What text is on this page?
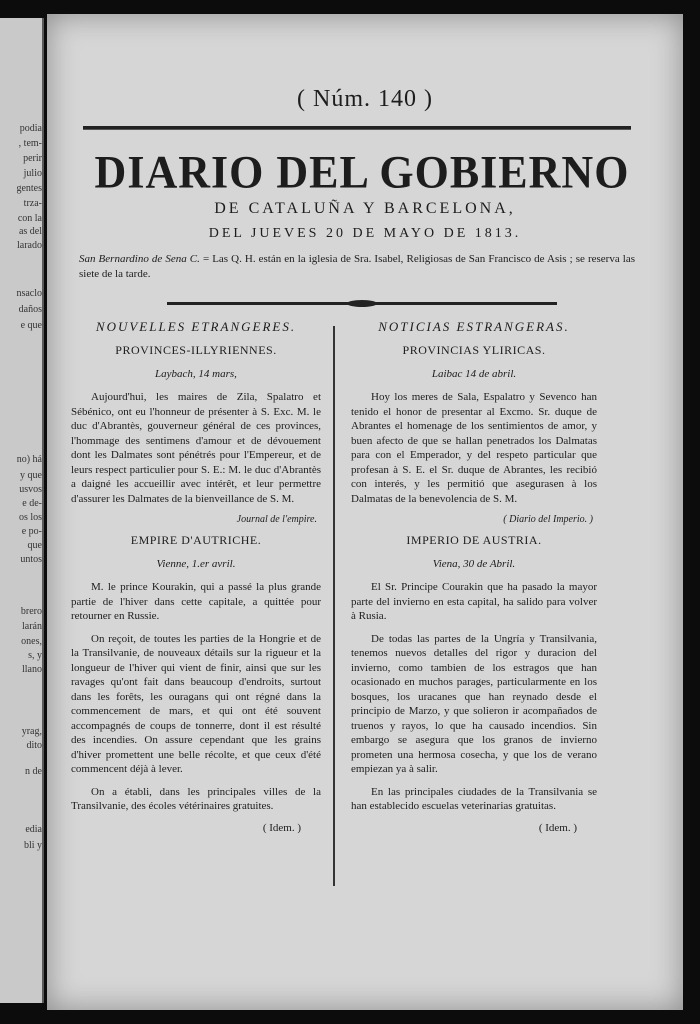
podia
, tem-
perir
julio
gentes
trza-
con la
as del
larado
nsaclo
daños
e que
no) há
y que
usvos
e de-
os los
e po-
que
untos
brero
larán
ones,
s, y
llano
yrag,
dito
n de
edia
bli y
( Núm. 140 )
DIARIO DEL GOBIERNO
DE CATALUÑA Y BARCELONA,
DEL JUEVES 20 DE MAYO DE 1813.
San Bernardino de Sena C. = Las Q. H. están en la iglesia de Sra. Isabel, Religiosas de San Francisco de Asis ; se reserva las siete de la tarde.
NOUVELLES ETRANGERES.
PROVINCES-ILLYRIENNES.
Laybach, 14 mars,

Aujourd'hui, les maires de Zila, Spalatro et Sébénico, ont eu l'honneur de présenter à S. Exc. M. le duc d'Abrantès, gouverneur général de ces provinces, l'hommage des sentimens d'amour et de dévouement dont les Dalmates sont pénétrés pour l'Empereur, et de leurs respect particulier pour S. E.: M. le duc d'Abrantès a daigné les accueillir avec intérêt, et leur permettre d'assurer les Dalmates de la bienveillance de S. M.

Journal de l'empire.
EMPIRE D'AUTRICHE.
Vienne, 1.er avril.

M. le prince Kourakin, qui a passé la plus grande partie de l'hiver dans cette capitale, a quittée pour retourner en Russie.

On reçoit, de toutes les parties de la Hongrie et de la Transilvanie, de nouveaux détails sur la rigueur et la longueur de l'hiver qui vient de finir, ainsi que sur les ravages qu'ont fait dans beaucoup d'endroits, surtout dans les forêts, les ouragans qui ont régné dans la commencement de mars, et qui ont été souvent accompagnés de coups de tonnerre, dont il est résulté des incendies. On assure cependant que les grains d'hiver promettent une belle récolte, et que ceux d'été commencent déjà à lever.

On a établi, dans les principales villes de la Transilvanie, des écoles vétérinaires gratuites.

( Idem. )
NOTICIAS ESTRANGERAS.
PROVINCIAS YLIRICAS.
Laibac 14 de abril.

Hoy los meres de Sala, Espalatro y Sevenco han tenido el honor de presentar al Excmo. Sr. duque de Abrantes el homenage de los sentimientos de amor, y buen afecto de que se hallan penetrados los Dalmatas para con el Emperador, y del respeto particular que profesan à S. E. el Sr. duque de Abrantes, les recibió con interés, y les permitió que asegurasen à los Dalmatas de la benevolencia de S. M.

( Diario del Imperio. )
IMPERIO DE AUSTRIA.
Viena, 30 de Abril.

El Sr. Principe Courakin que ha pasado la mayor parte del invierno en esta capital, ha salido para volver à Rusia.

De todas las partes de la Ungría y Transilvania, tenemos nuevos detalles del rigor y duracion del invierno, como tambien de los estragos que han ocasionado en muchos parages, particularmente en los bosques, los uracanes que han reynado desde el principio de Marzo, y que solieron ir acompañados de truenos y rayos, lo que ha causado incendios. Sin embargo se asegura que los granos de invierno prometen una hermosa cosecha, y que los de verano empiezan ya à salir.

En las principales ciudades de la Transilvania se han establecido escuelas veterinarias gratuitas.

( Idem. )
